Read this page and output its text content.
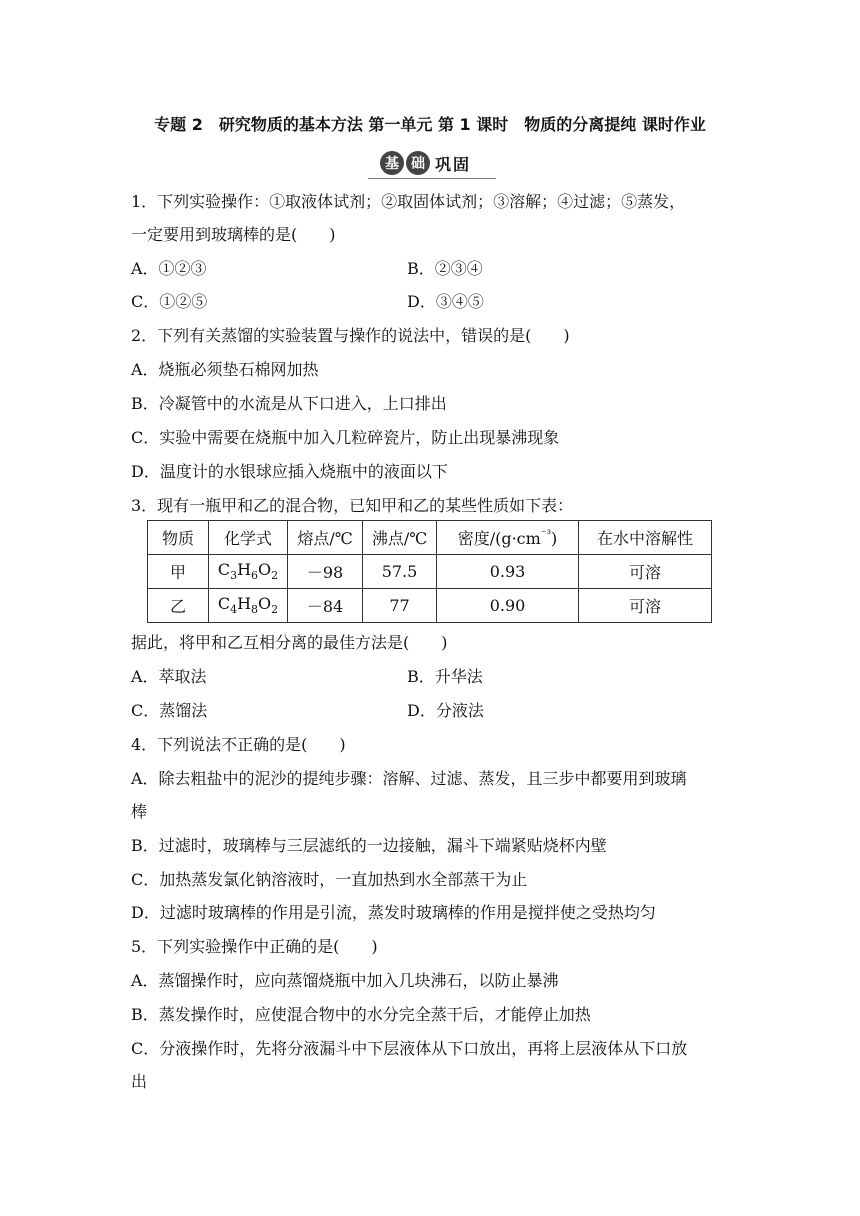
专题 2　研究物质的基本方法 第一单元 第 1 课时　物质的分离提纯 课时作业
基 础 巩固
1．下列实验操作：①取液体试剂；②取固体试剂；③溶解；④过滤；⑤蒸发，
一定要用到玻璃棒的是(　　)
A．①②③	B．②③④
C．①②⑤	D．③④⑤
2．下列有关蒸馏的实验装置与操作的说法中，错误的是(　　)
A．烧瓶必须垫石棉网加热
B．冷凝管中的水流是从下口进入，上口排出
C．实验中需要在烧瓶中加入几粒碎瓷片，防止出现暴沸现象
D．温度计的水银球应插入烧瓶中的液面以下
3．现有一瓶甲和乙的混合物，已知甲和乙的某些性质如下表：
物质	化学式	熔点/℃	沸点/℃	密度$/(g\cdot cm^{^{-3}})$	在水中溶解性
甲	$C_3H_6O_2$	－98	57.5	0.93	可溶
乙	$C_4H_8O_2$	－84	77	0.90	可溶
据此，将甲和乙互相分离的最佳方法是(　　)
A．萃取法	B．升华法
C．蒸馏法	D．分液法
4．下列说法不正确的是(　　)
A．除去粗盐中的泥沙的提纯步骤：溶解、过滤、蒸发，且三步中都要用到玻璃
棒
B．过滤时，玻璃棒与三层滤纸的一边接触，漏斗下端紧贴烧杯内壁
C．加热蒸发氯化钠溶液时，一直加热到水全部蒸干为止
D．过滤时玻璃棒的作用是引流，蒸发时玻璃棒的作用是搅拌使之受热均匀
5．下列实验操作中正确的是(　　)
A．蒸馏操作时，应向蒸馏烧瓶中加入几块沸石，以防止暴沸
B．蒸发操作时，应使混合物中的水分完全蒸干后，才能停止加热
C．分液操作时，先将分液漏斗中下层液体从下口放出，再将上层液体从下口放
出
